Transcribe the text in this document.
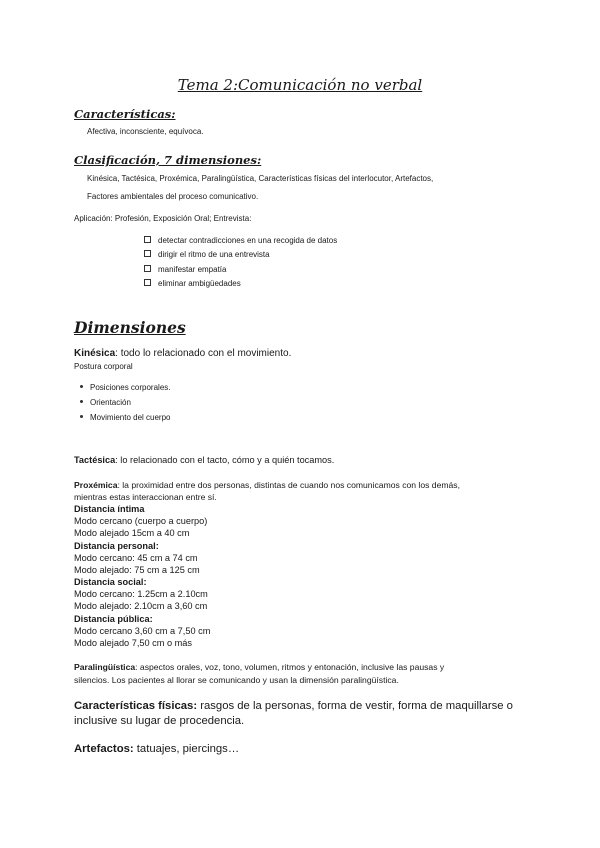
Tema 2:Comunicación no verbal
Características:
Afectiva, inconsciente, equívoca.
Clasificación, 7 dimensiones:
Kinésica, Tactésica, Proxémica, Paralingüística, Características físicas del interlocutor, Artefactos,
Factores ambientales del proceso comunicativo.
Aplicación: Profesión, Exposición Oral; Entrevista:
detectar contradicciones en una recogida de datos
dirigir el ritmo de una entrevista
manifestar empatía
eliminar ambigüedades
Dimensiones
Kinésica: todo lo relacionado con el movimiento.
Postura corporal
Posiciones corporales.
Orientación
Movimiento del cuerpo
Tactésica: lo relacionado con el tacto, cómo y a quién tocamos.
Proxémica: la proximidad entre dos personas, distintas de cuando nos comunicamos con los demás,
mientras estas interaccionan entre sí.
Distancia íntima
Modo cercano (cuerpo a cuerpo)
Modo alejado 15cm a 40 cm
Distancia personal:
Modo cercano: 45 cm a 74 cm
Modo alejado: 75 cm a 125 cm
Distancia social:
Modo cercano: 1.25cm a 2.10cm
Modo alejado: 2.10cm a 3,60 cm
Distancia pública:
Modo cercano 3,60 cm a 7,50 cm
Modo alejado 7,50 cm o más
Paralingüística: aspectos orales, voz, tono, volumen, ritmos y entonación, inclusive las pausas y
silencios. Los pacientes al llorar se comunicando y usan la dimensión paralingüística.
Características físicas: rasgos de la personas, forma de vestir, forma de maquillarse o
inclusive su lugar de procedencia.
Artefactos: tatuajes, piercings…
